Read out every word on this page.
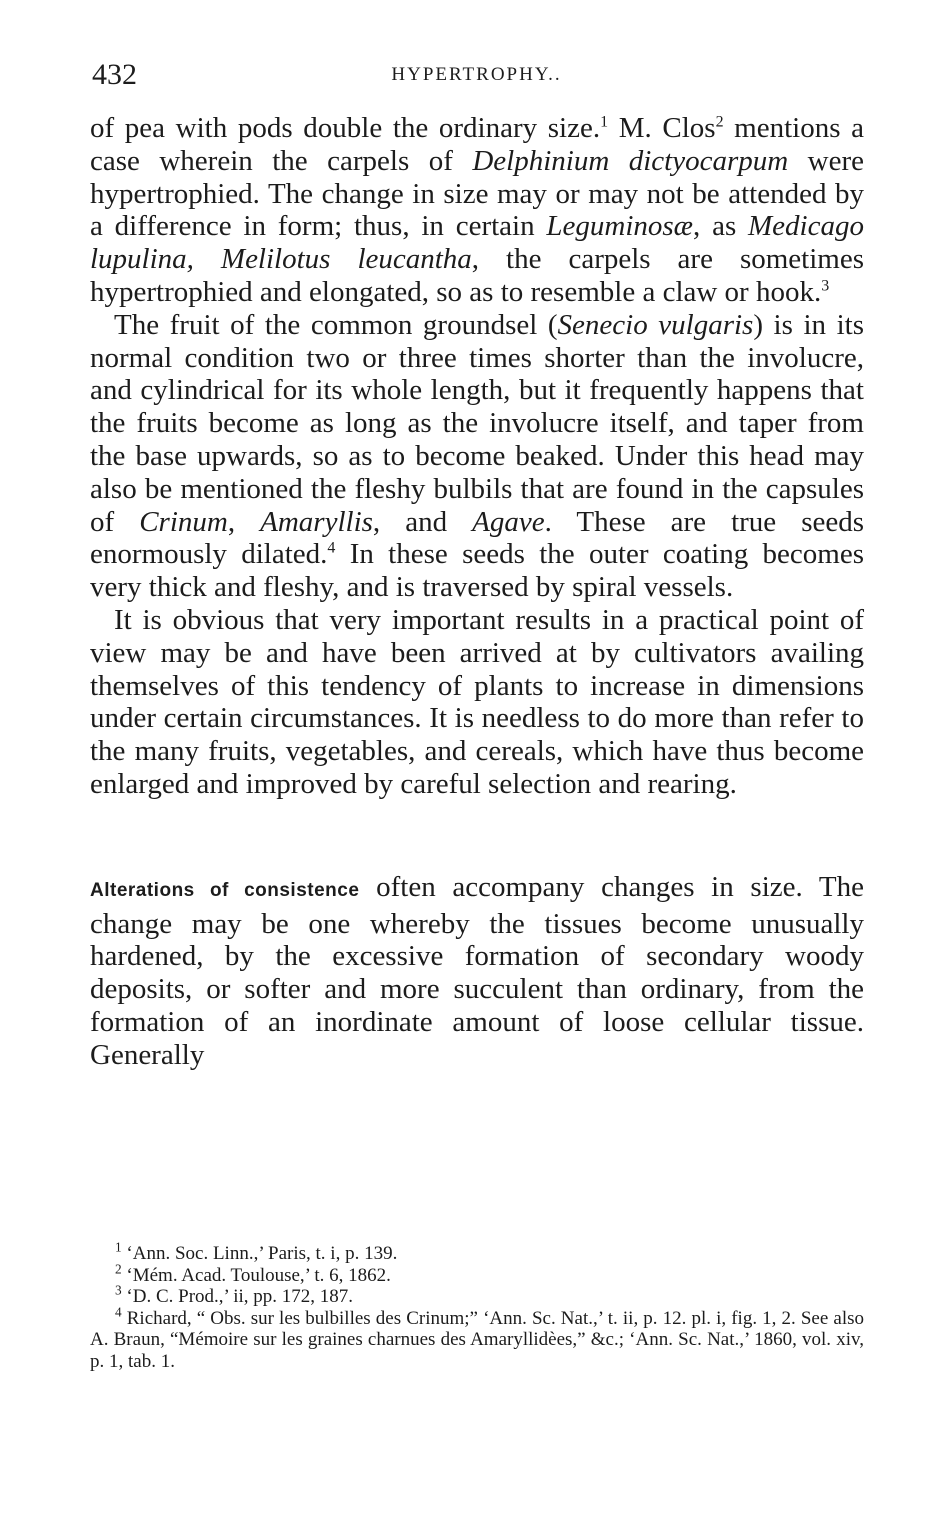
432	HYPERTROPHY..

of pea with pods double the ordinary size.$^1$ M. Clos$^2$ mentions a case wherein the carpels of Delphinium dictyocarpum were hypertrophied. The change in size may or may not be attended by a difference in form; thus, in certain Leguminosæ, as Medicago lupulina, Melilotus leucantha, the carpels are sometimes hypertrophied and elongated, so as to resemble a claw or hook.$^3$

The fruit of the common groundsel (Senecio vulgaris) is in its normal condition two or three times shorter than the involucre, and cylindrical for its whole length, but it frequently happens that the fruits become as long as the involucre itself, and taper from the base upwards, so as to become beaked. Under this head may also be mentioned the fleshy bulbils that are found in the capsules of Crinum, Amaryllis, and Agave. These are true seeds enormously dilated.$^4$ In these seeds the outer coating becomes very thick and fleshy, and is traversed by spiral vessels.

It is obvious that very important results in a practical point of view may be and have been arrived at by cultivators availing themselves of this tendency of plants to increase in dimensions under certain circumstances. It is needless to do more than refer to the many fruits, vegetables, and cereals, which have thus become enlarged and improved by careful selection and rearing.

Alterations of consistence often accompany changes in size. The change may be one whereby the tissues become unusually hardened, by the excessive formation of secondary woody deposits, or softer and more succulent than ordinary, from the formation of an inordinate amount of loose cellular tissue. Generally

$^1$ ‘Ann. Soc. Linn.,’ Paris, t. i, p. 139.

$^2$ ‘Mém. Acad. Toulouse,’ t. 6, 1862.

$^3$ ‘D. C. Prod.,’ ii, pp. 172, 187.

$^4$ Richard, “ Obs. sur les bulbilles des Crinum;” ‘Ann. Sc. Nat.,’ t. ii, p. 12. pl. i, fig. 1, 2. See also A. Braun, “Mémoire sur les graines charnues des Amaryllidèes,” &c.; ‘Ann. Sc. Nat.,’ 1860, vol. xiv, p. 1, tab. 1.
